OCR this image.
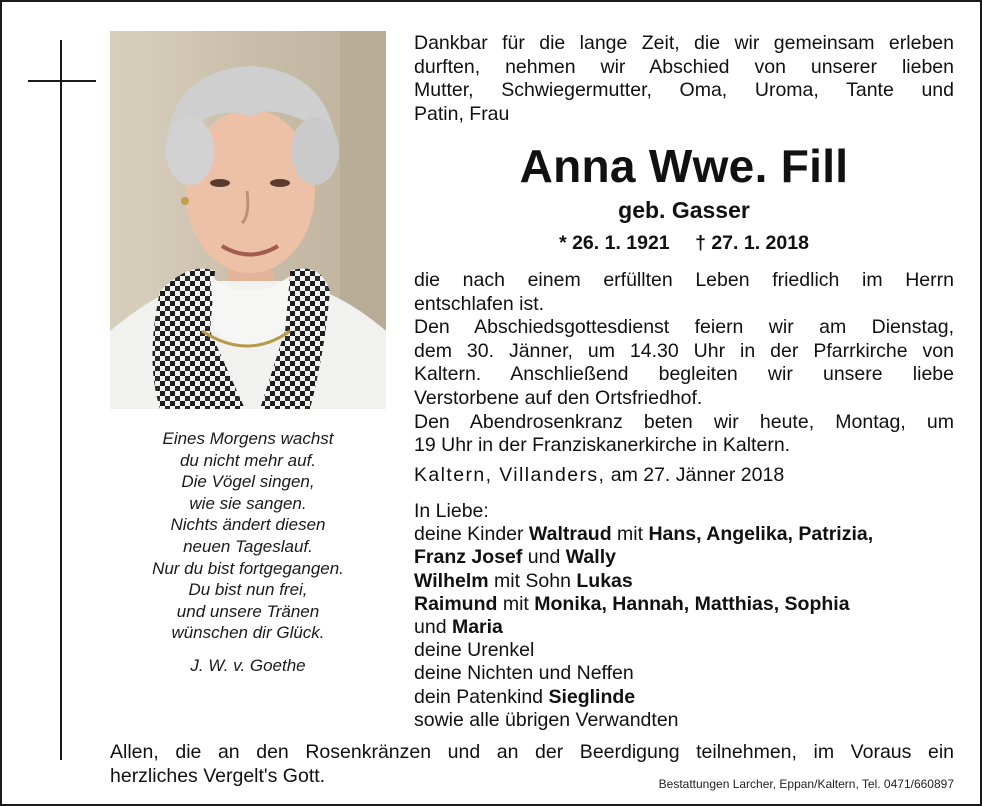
Eines Morgens wachst
du nicht mehr auf.
Die Vögel singen,
wie sie sangen.
Nichts ändert diesen
neuen Tageslauf.
Nur du bist fortgegangen.
Du bist nun frei,
und unsere Tränen
wünschen dir Glück.
J. W. v. Goethe
Dankbar für die lange Zeit, die wir gemeinsam erleben
durften, nehmen wir Abschied von unserer lieben
Mutter, Schwiegermutter, Oma, Uroma, Tante und
Patin, Frau
Anna Wwe. Fill
geb. Gasser
* 26. 1. 1921 † 27. 1. 2018
die nach einem erfüllten Leben friedlich im Herrn
entschlafen ist.
Den Abschiedsgottesdienst feiern wir am Dienstag,
dem 30. Jänner, um 14.30 Uhr in der Pfarrkirche von
Kaltern. Anschließend begleiten wir unsere liebe
Verstorbene auf den Ortsfriedhof.
Den Abendrosenkranz beten wir heute, Montag, um
19 Uhr in der Franziskanerkirche in Kaltern.
Kaltern, Villanders, am 27. Jänner 2018
In Liebe:
deine Kinder Waltraud mit Hans, Angelika, Patrizia,
Franz Josef und Wally
Wilhelm mit Sohn Lukas
Raimund mit Monika, Hannah, Matthias, Sophia
und Maria
deine Urenkel
deine Nichten und Neffen
dein Patenkind Sieglinde
sowie alle übrigen Verwandten
Allen, die an den Rosenkränzen und an der Beerdigung teilnehmen, im Voraus ein
herzliches Vergelt's Gott.	Bestattungen Larcher, Eppan/Kaltern, Tel. 0471/660897
